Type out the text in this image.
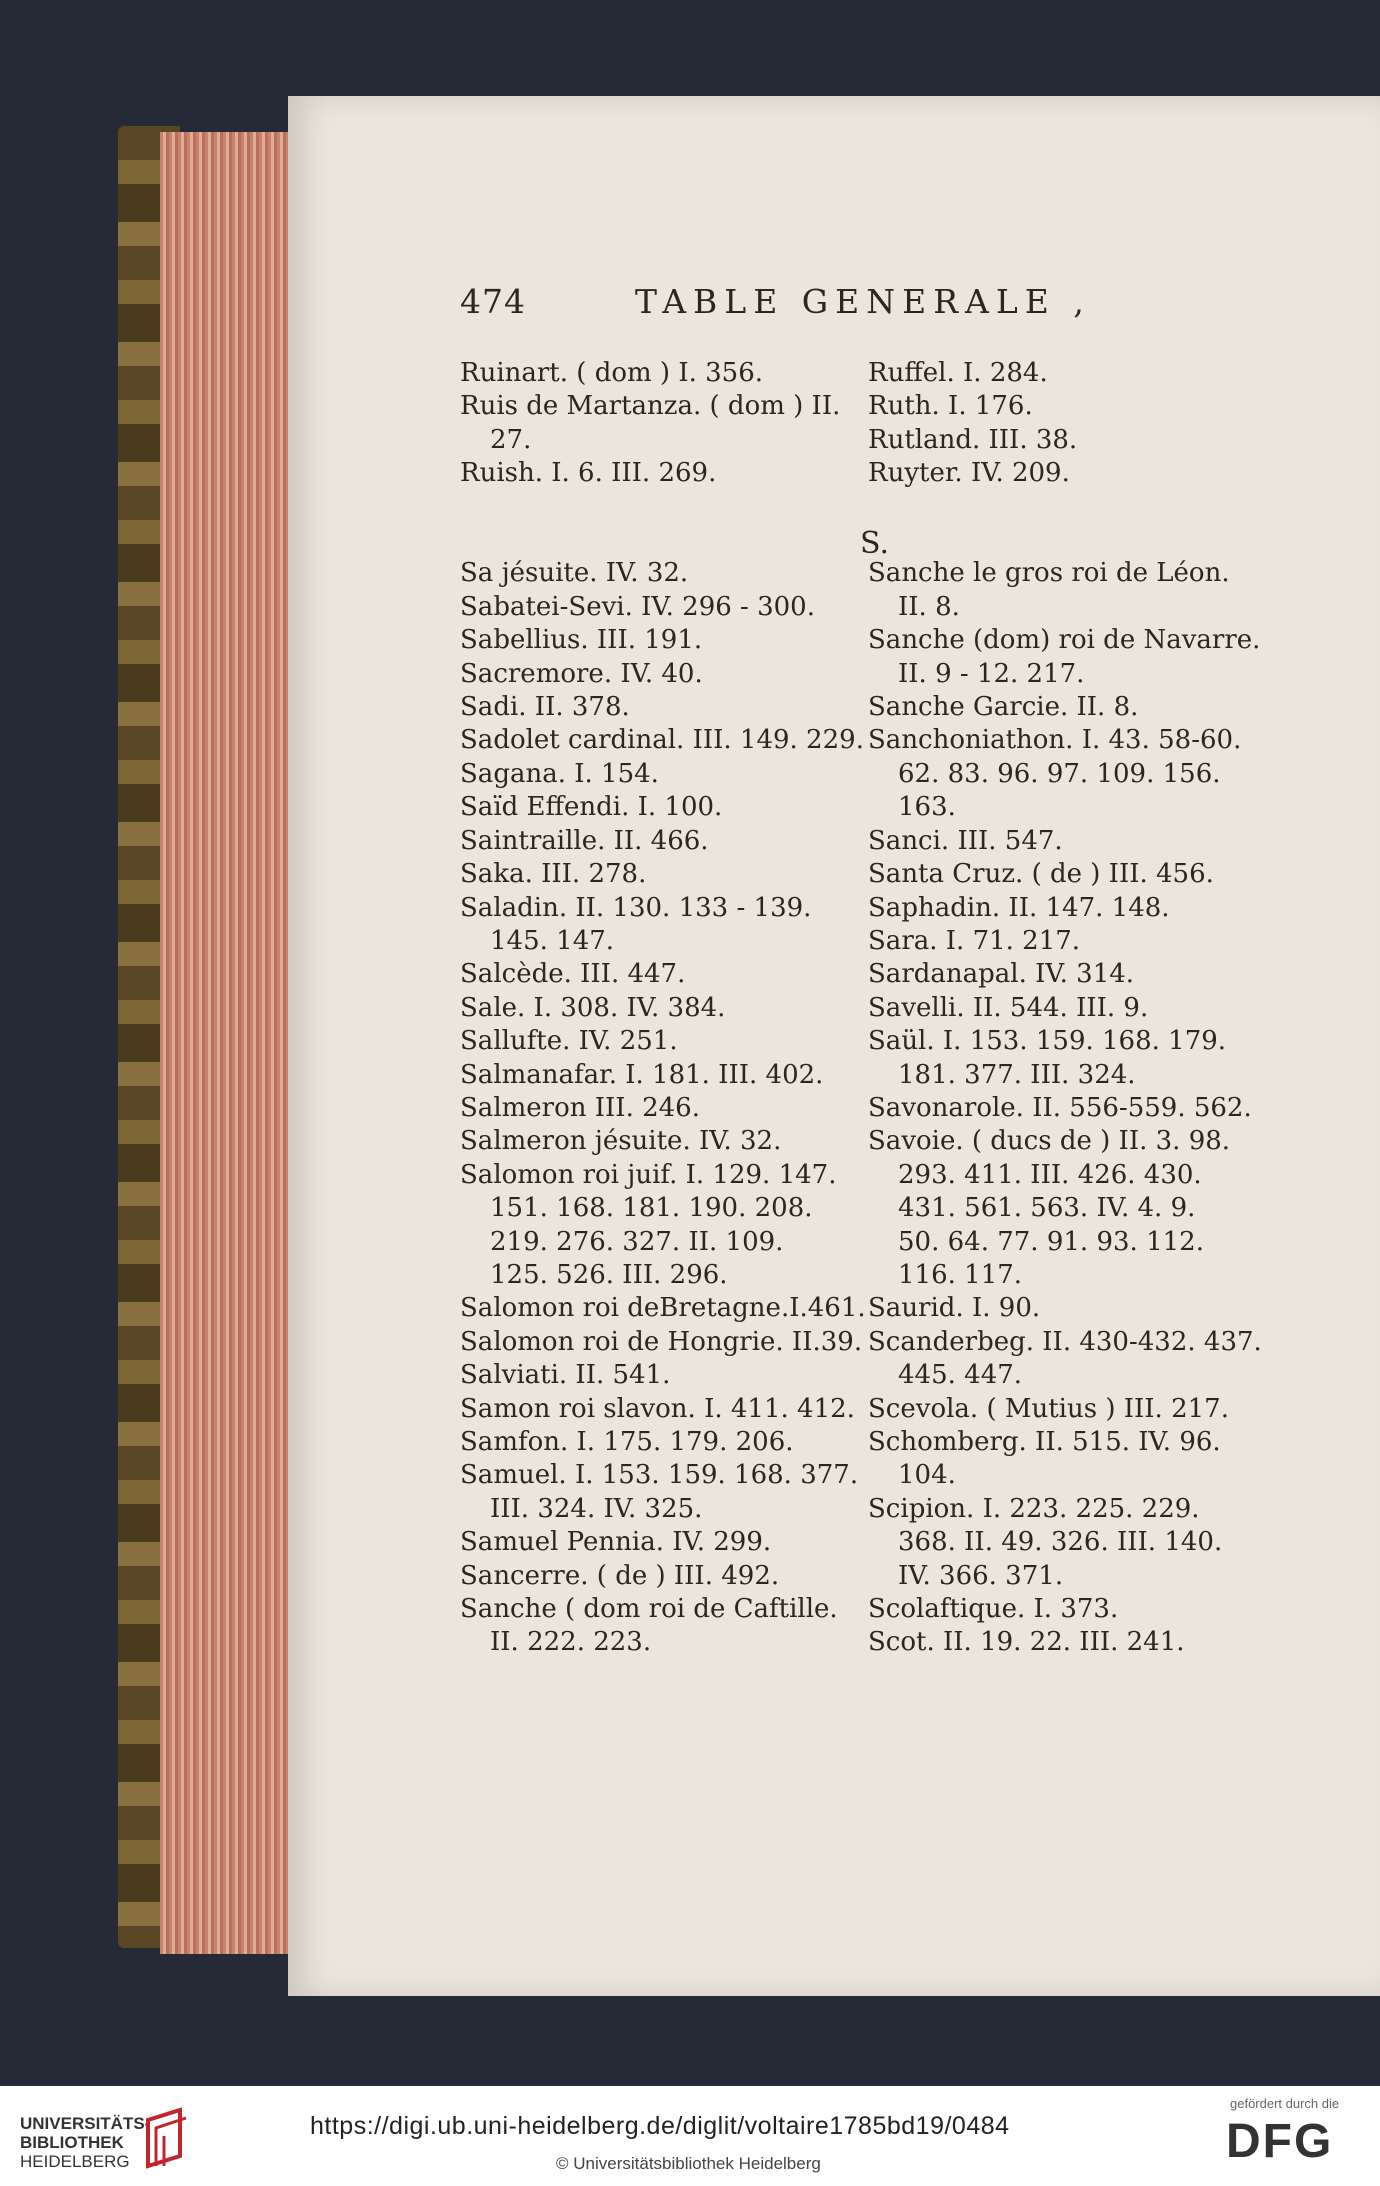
474	TABLE GENERALE ,
S.
Ruinart. ( dom ) I. 356.
Ruis de Martanza. ( dom ) II.
27.
Ruish. I. 6. III. 269.

Sa jésuite. IV. 32.
Sabatei-Sevi. IV. 296 - 300.
Sabellius. III. 191.
Sacremore. IV. 40.
Sadi. II. 378.
Sadolet cardinal. III. 149. 229.
Sagana. I. 154.
Saïd Effendi. I. 100.
Saintraille. II. 466.
Saka. III. 278.
Saladin. II. 130. 133 - 139.
145. 147.
Salcède. III. 447.
Sale. I. 308. IV. 384.
Sallufte. IV. 251.
Salmanafar. I. 181. III. 402.
Salmeron III. 246.
Salmeron jésuite. IV. 32.
Salomon roi juif. I. 129. 147.
151. 168. 181. 190. 208.
219. 276. 327. II. 109.
125. 526. III. 296.
Salomon roi deBretagne.I.461.
Salomon roi de Hongrie. II.39.
Salviati. II. 541.
Samon roi slavon. I. 411. 412.
Samfon. I. 175. 179. 206.
Samuel. I. 153. 159. 168. 377.
III. 324. IV. 325.
Samuel Pennia. IV. 299.
Sancerre. ( de ) III. 492.
Sanche ( dom roi de Caftille.
II. 222. 223.
Ruffel. I. 284.
Ruth. I. 176.
Rutland. III. 38.
Ruyter. IV. 209.

Sanche le gros roi de Léon.
II. 8.
Sanche (dom) roi de Navarre.
II. 9 - 12. 217.
Sanche Garcie. II. 8.
Sanchoniathon. I. 43. 58-60.
62. 83. 96. 97. 109. 156.
163.
Sanci. III. 547.
Santa Cruz. ( de ) III. 456.
Saphadin. II. 147. 148.
Sara. I. 71. 217.
Sardanapal. IV. 314.
Savelli. II. 544. III. 9.
Saül. I. 153. 159. 168. 179.
181. 377. III. 324.
Savonarole. II. 556-559. 562.
Savoie. ( ducs de ) II. 3. 98.
293. 411. III. 426. 430.
431. 561. 563. IV. 4. 9.
50. 64. 77. 91. 93. 112.
116. 117.
Saurid. I. 90.
Scanderbeg. II. 430-432. 437.
445. 447.
Scevola. ( Mutius ) III. 217.
Schomberg. II. 515. IV. 96.
104.
Scipion. I. 223. 225. 229.
368. II. 49. 326. III. 140.
IV. 366. 371.
Scolaftique. I. 373.
Scot. II. 19. 22. III. 241.
UNIVERSITÄTS-
BIBLIOTHEK
HEIDELBERG
https://digi.ub.uni-heidelberg.de/diglit/voltaire1785bd19/0484
© Universitätsbibliothek Heidelberg
gefördert durch die
DFG
